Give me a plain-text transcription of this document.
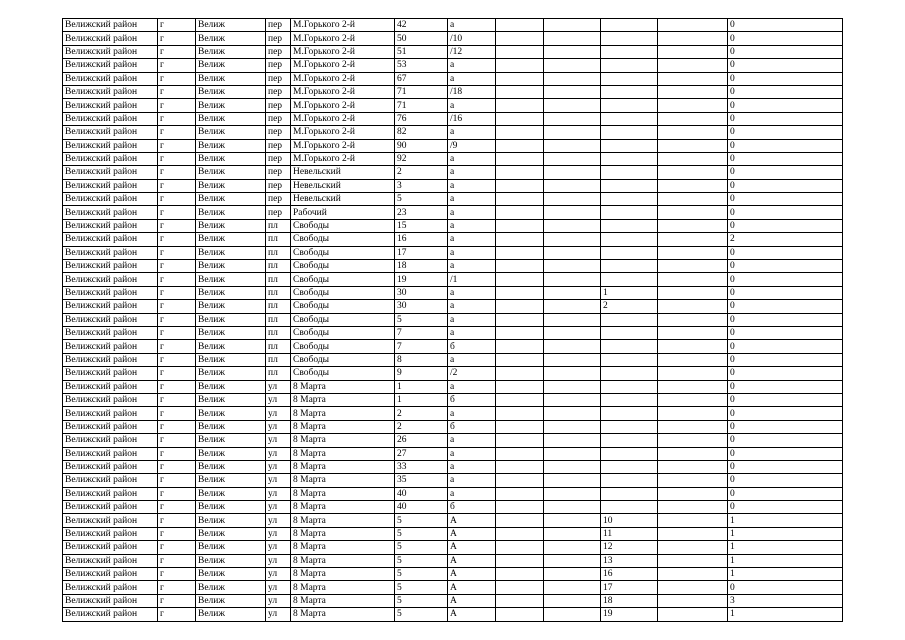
Велижский район	г	Велиж	пер	М.Горького 2-й	42	а					0
Велижский район	г	Велиж	пер	М.Горького 2-й	50	/10					0
Велижский район	г	Велиж	пер	М.Горького 2-й	51	/12					0
Велижский район	г	Велиж	пер	М.Горького 2-й	53	а					0
Велижский район	г	Велиж	пер	М.Горького 2-й	67	а					0
Велижский район	г	Велиж	пер	М.Горького 2-й	71	/18					0
Велижский район	г	Велиж	пер	М.Горького 2-й	71	а					0
Велижский район	г	Велиж	пер	М.Горького 2-й	76	/16					0
Велижский район	г	Велиж	пер	М.Горького 2-й	82	а					0
Велижский район	г	Велиж	пер	М.Горького 2-й	90	/9					0
Велижский район	г	Велиж	пер	М.Горького 2-й	92	а					0
Велижский район	г	Велиж	пер	Невельский	2	а					0
Велижский район	г	Велиж	пер	Невельский	3	а					0
Велижский район	г	Велиж	пер	Невельский	5	а					0
Велижский район	г	Велиж	пер	Рабочий	23	а					0
Велижский район	г	Велиж	пл	Свободы	15	а					0
Велижский район	г	Велиж	пл	Свободы	16	а					2
Велижский район	г	Велиж	пл	Свободы	17	а					0
Велижский район	г	Велиж	пл	Свободы	18	а					0
Велижский район	г	Велиж	пл	Свободы	19	/1					0
Велижский район	г	Велиж	пл	Свободы	30	а			1		0
Велижский район	г	Велиж	пл	Свободы	30	а			2		0
Велижский район	г	Велиж	пл	Свободы	5	а					0
Велижский район	г	Велиж	пл	Свободы	7	а					0
Велижский район	г	Велиж	пл	Свободы	7	б					0
Велижский район	г	Велиж	пл	Свободы	8	а					0
Велижский район	г	Велиж	пл	Свободы	9	/2					0
Велижский район	г	Велиж	ул	8 Марта	1	а					0
Велижский район	г	Велиж	ул	8 Марта	1	б					0
Велижский район	г	Велиж	ул	8 Марта	2	а					0
Велижский район	г	Велиж	ул	8 Марта	2	б					0
Велижский район	г	Велиж	ул	8 Марта	26	а					0
Велижский район	г	Велиж	ул	8 Марта	27	а					0
Велижский район	г	Велиж	ул	8 Марта	33	а					0
Велижский район	г	Велиж	ул	8 Марта	35	а					0
Велижский район	г	Велиж	ул	8 Марта	40	а					0
Велижский район	г	Велиж	ул	8 Марта	40	б					0
Велижский район	г	Велиж	ул	8 Марта	5	А			10		1
Велижский район	г	Велиж	ул	8 Марта	5	А			11		1
Велижский район	г	Велиж	ул	8 Марта	5	А			12		1
Велижский район	г	Велиж	ул	8 Марта	5	А			13		1
Велижский район	г	Велиж	ул	8 Марта	5	А			16		1
Велижский район	г	Велиж	ул	8 Марта	5	А			17		0
Велижский район	г	Велиж	ул	8 Марта	5	А			18		3
Велижский район	г	Велиж	ул	8 Марта	5	А			19		1
